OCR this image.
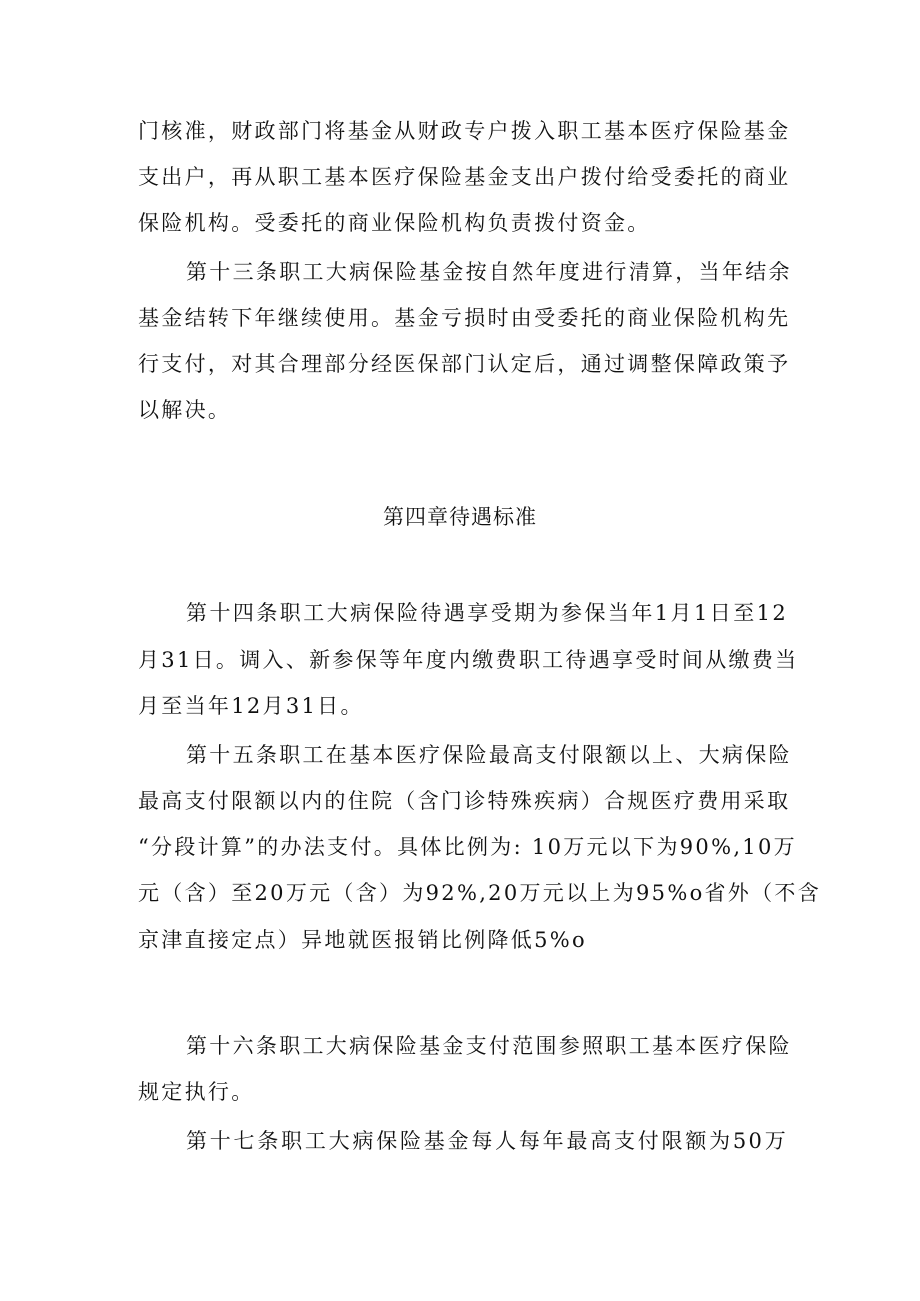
门核准，财政部门将基金从财政专户拨入职工基本医疗保险基金
支出户，再从职工基本医疗保险基金支出户拨付给受委托的商业
保险机构。受委托的商业保险机构负责拨付资金。
第十三条职工大病保险基金按自然年度进行清算，当年结余
基金结转下年继续使用。基金亏损时由受委托的商业保险机构先
行支付，对其合理部分经医保部门认定后，通过调整保障政策予
以解决。
第四章待遇标准
第十四条职工大病保险待遇享受期为参保当年1月1日至12
月31日。调入、新参保等年度内缴费职工待遇享受时间从缴费当
月至当年12月31日。
第十五条职工在基本医疗保险最高支付限额以上、大病保险
最高支付限额以内的住院（含门诊特殊疾病）合规医疗费用采取
“分段计算”的办法支付。具体比例为: 10万元以下为90%,10万
元（含）至20万元（含）为92%,20万元以上为95%o省外（不含
京津直接定点）异地就医报销比例降低5%o
第十六条职工大病保险基金支付范围参照职工基本医疗保险
规定执行。
第十七条职工大病保险基金每人每年最高支付限额为50万
